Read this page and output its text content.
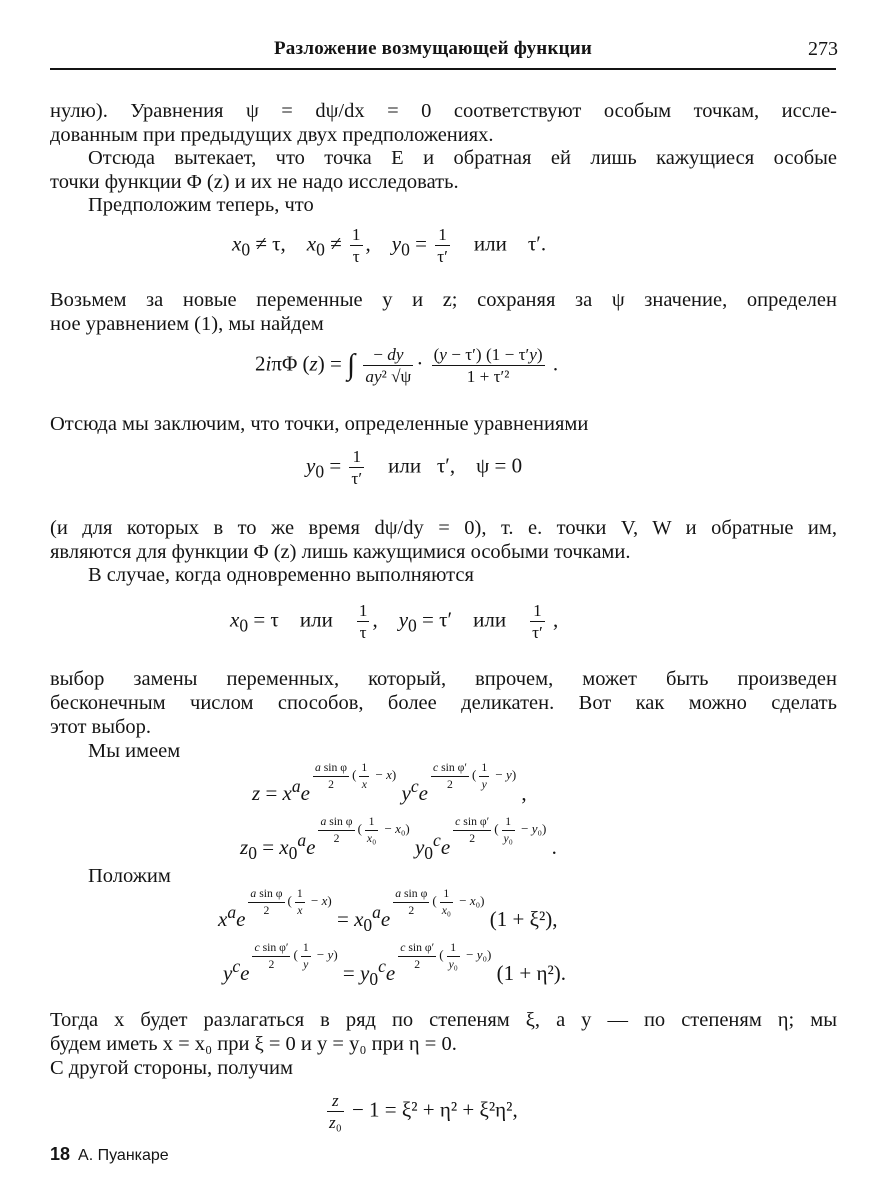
Разложение возмущающей функции	273
нулю). Уравнения ψ = dψ/dx = 0 соответствуют особым точкам, иссле-
дованным при предыдущих двух предположениях.
Отсюда вытекает, что точка E и обратная ей лишь кажущиеся особые
точки функции Φ (z) и их не надо исследовать.
Предположим теперь, что
$x_0 \ne \tau$,    $x_0 \ne \frac{1}{\tau}$ ,    $y_0 = \frac{1}{\tau'}$ или    τ′.
Возьмем за новые переменные y и z; сохраняя за ψ значение, определен
ное уравнением (1), мы найдем
2iπΦ (z) = ∫ $\frac{- dy}{\text{ay² √ψ}} \cdot \frac{(y - \tau') (1 - \tau'y)}{\text{1 + τ′²}}$ .
Отсюда мы заключим, что точки, определенные уравнениями
$y_0 = \frac{1}{\tau'}$ или   τ′,    ψ = 0
(и для которых в то же время dψ/dy = 0), т. е. точки V, W и обратные им,
являются для функции Φ (z) лишь кажущимися особыми точками.
В случае, когда одновременно выполняются
$x_0 = \tau$    или $\frac{1}{\tau}$ ,    $y_0 = \tau'$    или $\frac{1}{\tau'}$ ,
выбор замены переменных, который, впрочем, может быть произведен
бесконечным числом способов, более деликатен. Вот как можно сделать
этот выбор.
Мы имеем
$z = x^ae$
$\frac{\text{a sin φ}}{2}$ ( $\frac{1}{x} - x$) $y^ce$
$\frac{\text{c sin φ′}}{2}$ ( $\frac{1}{y} - y$) ,
$z_0 = x_0^ae$
$\frac{\text{a sin φ}}{2}$ ( $\frac{1}{\text{x₀}} - x_0$) $y_0^ce$
$\frac{\text{c sin φ′}}{2}$ ( $\frac{1}{\text{y₀}} - y_0$) .
Положим
$x^ae$
$\frac{\text{a sin φ}}{2}$ ( $\frac{1}{x} - x) = x_0^ae$
$\frac{\text{a sin φ}}{2}$ ( $\frac{1}{\text{x₀}} - x_0$) (1 + ξ²),
$y^ce$
$\frac{\text{c sin φ′}}{2}$ ( $\frac{1}{y} - y) = y_0^ce$
$\frac{\text{c sin φ′}}{2}$ ( $\frac{1}{\text{y₀}} - y_0$) (1 + η²).
Тогда x будет разлагаться в ряд по степеням ξ, а y — по степеням η; мы
будем иметь x = x₀ при ξ = 0 и y = y₀ при η = 0.
С другой стороны, получим
$\frac{z}{\text{z₀}} - 1 = \xi^2 + \eta^2 + \xi^2\eta^2$,
18 А. Пуанкаре
